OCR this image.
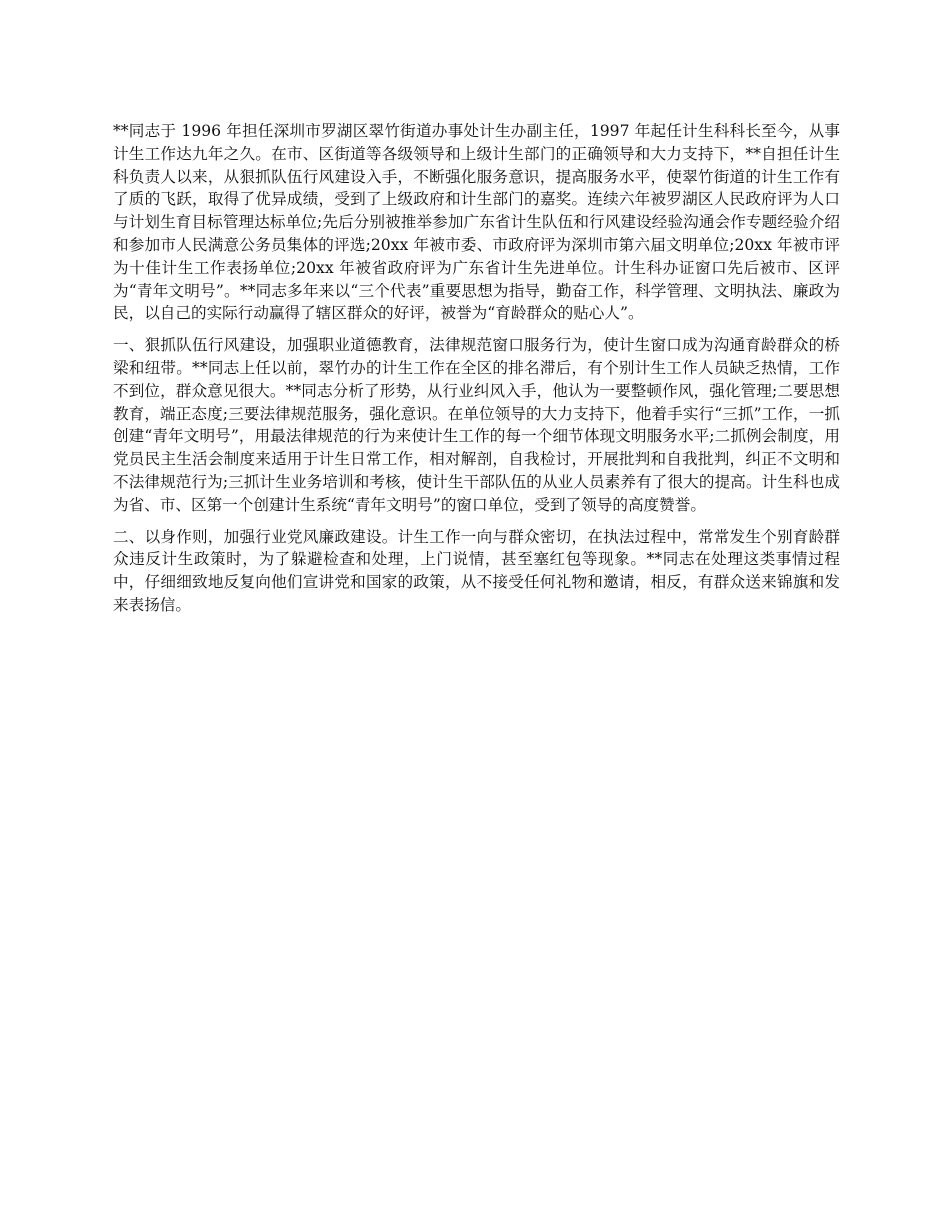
**同志于 1996 年担任深圳市罗湖区翠竹街道办事处计生办副主任，1997 年起任计生科科长至今，从事计生工作达九年之久。在市、区街道等各级领导和上级计生部门的正确领导和大力支持下，**自担任计生科负责人以来，从狠抓队伍行风建设入手，不断强化服务意识，提高服务水平，使翠竹街道的计生工作有了质的飞跃，取得了优异成绩，受到了上级政府和计生部门的嘉奖。连续六年被罗湖区人民政府评为人口与计划生育目标管理达标单位;先后分别被推举参加广东省计生队伍和行风建设经验沟通会作专题经验介绍和参加市人民满意公务员集体的评选;20xx 年被市委、市政府评为深圳市第六届文明单位;20xx 年被市评为十佳计生工作表扬单位;20xx 年被省政府评为广东省计生先进单位。计生科办证窗口先后被市、区评为“青年文明号”。**同志多年来以“三个代表”重要思想为指导，勤奋工作，科学管理、文明执法、廉政为民，以自己的实际行动赢得了辖区群众的好评，被誉为“育龄群众的贴心人”。

一、狠抓队伍行风建设，加强职业道德教育，法律规范窗口服务行为，使计生窗口成为沟通育龄群众的桥梁和纽带。**同志上任以前，翠竹办的计生工作在全区的排名滞后，有个别计生工作人员缺乏热情，工作不到位，群众意见很大。**同志分析了形势，从行业纠风入手，他认为一要整顿作风，强化管理;二要思想教育，端正态度;三要法律规范服务，强化意识。在单位领导的大力支持下，他着手实行“三抓”工作，一抓创建“青年文明号”，用最法律规范的行为来使计生工作的每一个细节体现文明服务水平;二抓例会制度，用党员民主生活会制度来适用于计生日常工作，相对解剖，自我检讨，开展批判和自我批判，纠正不文明和不法律规范行为;三抓计生业务培训和考核，使计生干部队伍的从业人员素养有了很大的提高。计生科也成为省、市、区第一个创建计生系统“青年文明号”的窗口单位，受到了领导的高度赞誉。

二、以身作则，加强行业党风廉政建设。计生工作一向与群众密切，在执法过程中，常常发生个别育龄群众违反计生政策时，为了躲避检查和处理，上门说情，甚至塞红包等现象。**同志在处理这类事情过程中，仔细细致地反复向他们宣讲党和国家的政策，从不接受任何礼物和邀请，相反，有群众送来锦旗和发来表扬信。
